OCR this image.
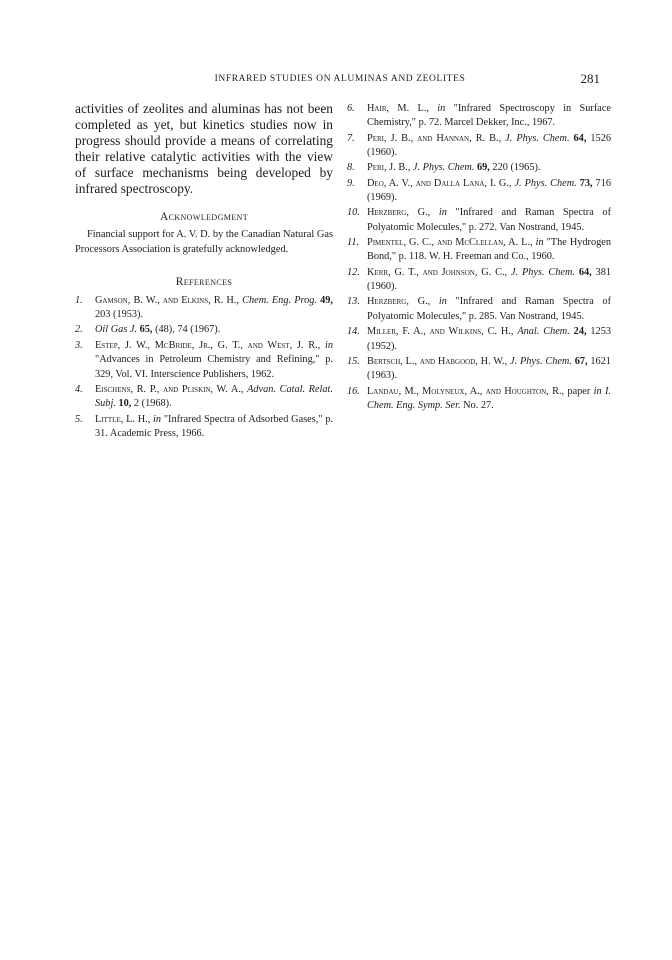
INFRARED STUDIES ON ALUMINAS AND ZEOLITES	281

activities of zeolites and aluminas has not been completed as yet, but kinetics studies now in progress should provide a means of correlating their relative catalytic activities with the view of surface mechanisms being developed by infrared spectroscopy.

Acknowledgment

Financial support for A. V. D. by the Canadian Natural Gas Processors Association is gratefully acknowledged.

References
1.	Gamson, B. W., and Elkins, R. H., Chem. Eng. Prog. 49, 203 (1953).
2.	Oil Gas J. 65, (48), 74 (1967).
3.	Estep, J. W., McBride, Jr., G. T., and West, J. R., in "Advances in Petroleum Chemistry and Refining," p. 329, Vol. VI. Interscience Publishers, 1962.
4.	Eischens, R. P., and Pliskin, W. A., Advan. Catal. Relat. Subj. 10, 2 (1968).
5.	Little, L. H., in "Infrared Spectra of Adsorbed Gases," p. 31. Academic Press, 1966.
6.	Hair, M. L., in "Infrared Spectroscopy in Surface Chemistry," p. 72. Marcel Dekker, Inc., 1967.
7.	Peri, J. B., and Hannan, R. B., J. Phys. Chem. 64, 1526 (1960).
8.	Peri, J. B., J. Phys. Chem. 69, 220 (1965).
9.	Deo, A. V., and Dalla Lana, I. G., J. Phys. Chem. 73, 716 (1969).
10. Herzberg, G., in "Infrared and Raman Spectra of Polyatomic Molecules," p. 272. Van Nostrand, 1945.
11. Pimentel, G. C., and McClellan, A. L., in "The Hydrogen Bond," p. 118. W. H. Freeman and Co., 1960.
12. Kerr, G. T., and Johnson, G. C., J. Phys. Chem. 64, 381 (1960).
13. Herzberg, G., in "Infrared and Raman Spectra of Polyatomic Molecules," p. 285. Van Nostrand, 1945.
14. Miller, F. A., and Wilkins, C. H., Anal. Chem. 24, 1253 (1952).
15. Bertsch, L., and Habgood, H. W., J. Phys. Chem. 67, 1621 (1963).
16. Landau, M., Molyneux, A., and Houghton, R., paper in I. Chem. Eng. Symp. Ser. No. 27.
